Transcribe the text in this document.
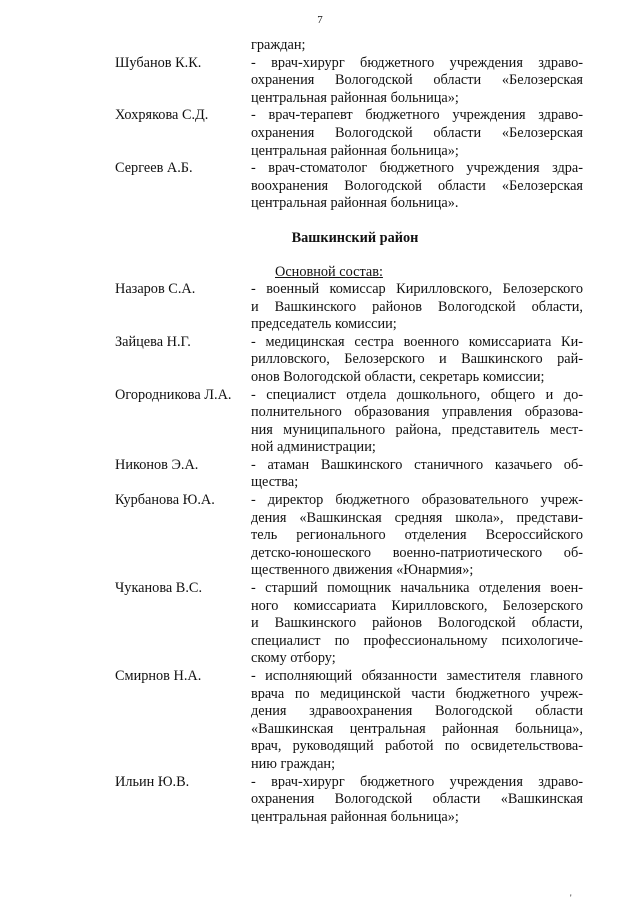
7
граждан;
Шубанов К.К.	- врач-хирург бюджетного учреждения здраво-
охранения Вологодской области «Белозерская
центральная районная больница»;
Хохрякова С.Д.	- врач-терапевт бюджетного учреждения здраво-
охранения Вологодской области «Белозерская
центральная районная больница»;
Сергеев А.Б.	- врач-стоматолог бюджетного учреждения здра-
воохранения Вологодской области «Белозерская
центральная районная больница».
Вашкинский район
Основной состав:
Назаров С.А.	- военный комиссар Кирилловского, Белозерского
и Вашкинского районов Вологодской области,
председатель комиссии;
Зайцева Н.Г.	- медицинская сестра военного комиссариата Ки-
рилловского, Белозерского и Вашкинского рай-
онов Вологодской области, секретарь комиссии;
Огородникова Л.А.	- специалист отдела дошкольного, общего и до-
полнительного образования управления образова-
ния муниципального района, представитель мест-
ной администрации;
Никонов Э.А.	- атаман Вашкинского станичного казачьего об-
щества;
Курбанова Ю.А.	- директор бюджетного образовательного учреж-
дения «Вашкинская средняя школа», представи-
тель регионального отделения Всероссийского
детско-юношеского военно-патриотического об-
щественного движения «Юнармия»;
Чуканова В.С.	- старший помощник начальника отделения воен-
ного комиссариата Кирилловского, Белозерского
и Вашкинского районов Вологодской области,
специалист по профессиональному психологиче-
скому отбору;
Смирнов Н.А.	- исполняющий обязанности заместителя главного
врача по медицинской части бюджетного учреж-
дения здравоохранения Вологодской области
«Вашкинская центральная районная больница»,
врач, руководящий работой по освидетельствова-
нию граждан;
Ильин Ю.В.	- врач-хирург бюджетного учреждения здраво-
охранения Вологодской области «Вашкинская
центральная районная больница»;
'
